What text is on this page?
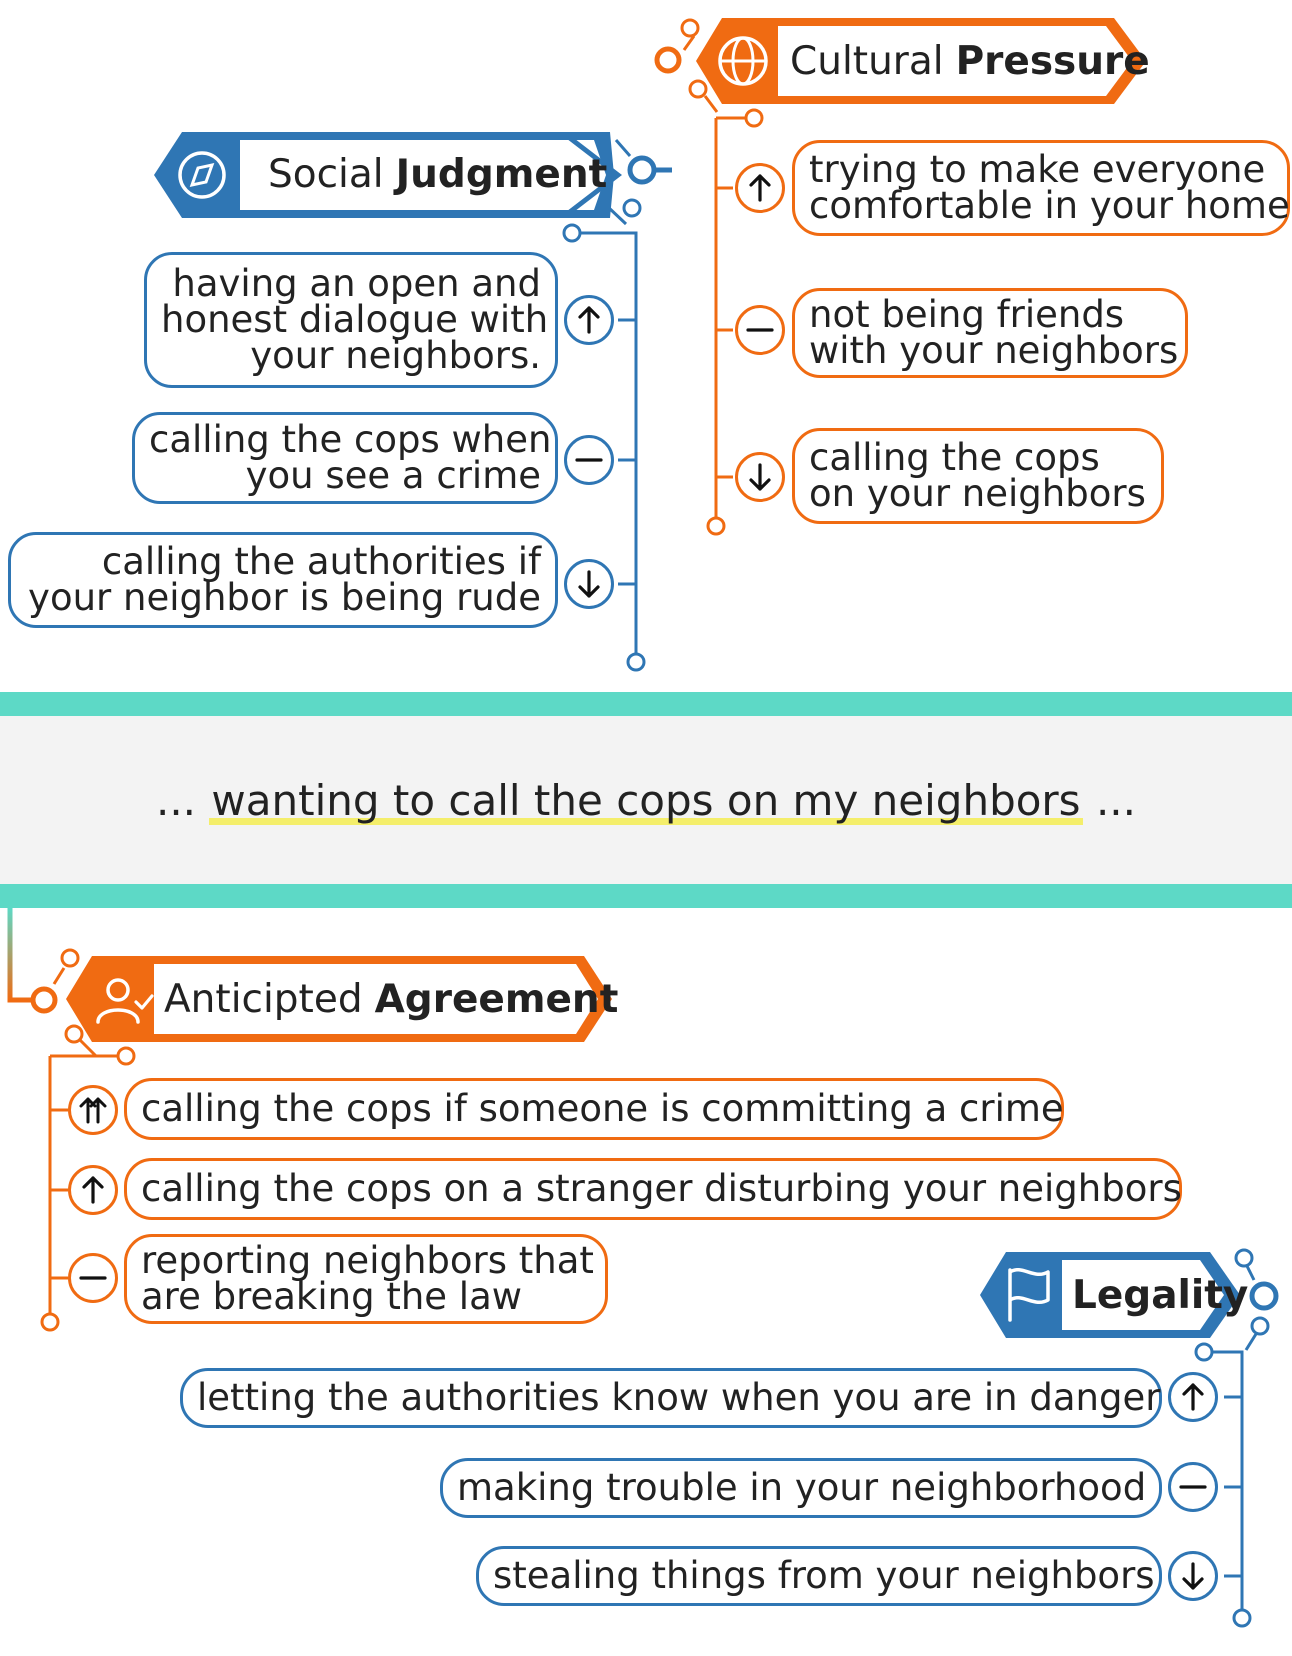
...
wanting to call the cops on my neighbors
...
Social Judgment
having an open and
honest dialogue with
your neighbors.
calling the cops when
you see a crime
calling the authorities if
your neighbor is being rude
Cultural Pressure
trying to make everyone
comfortable in your home
not being friends
with your neighbors
calling the cops
on your neighbors
Anticipted Agreement
calling the cops if someone is committing a crime
calling the cops on a stranger disturbing your neighbors
reporting neighbors that
are breaking the law	Legality
letting the authorities know when you are in danger
making trouble in your neighborhood
stealing things from your neighbors
